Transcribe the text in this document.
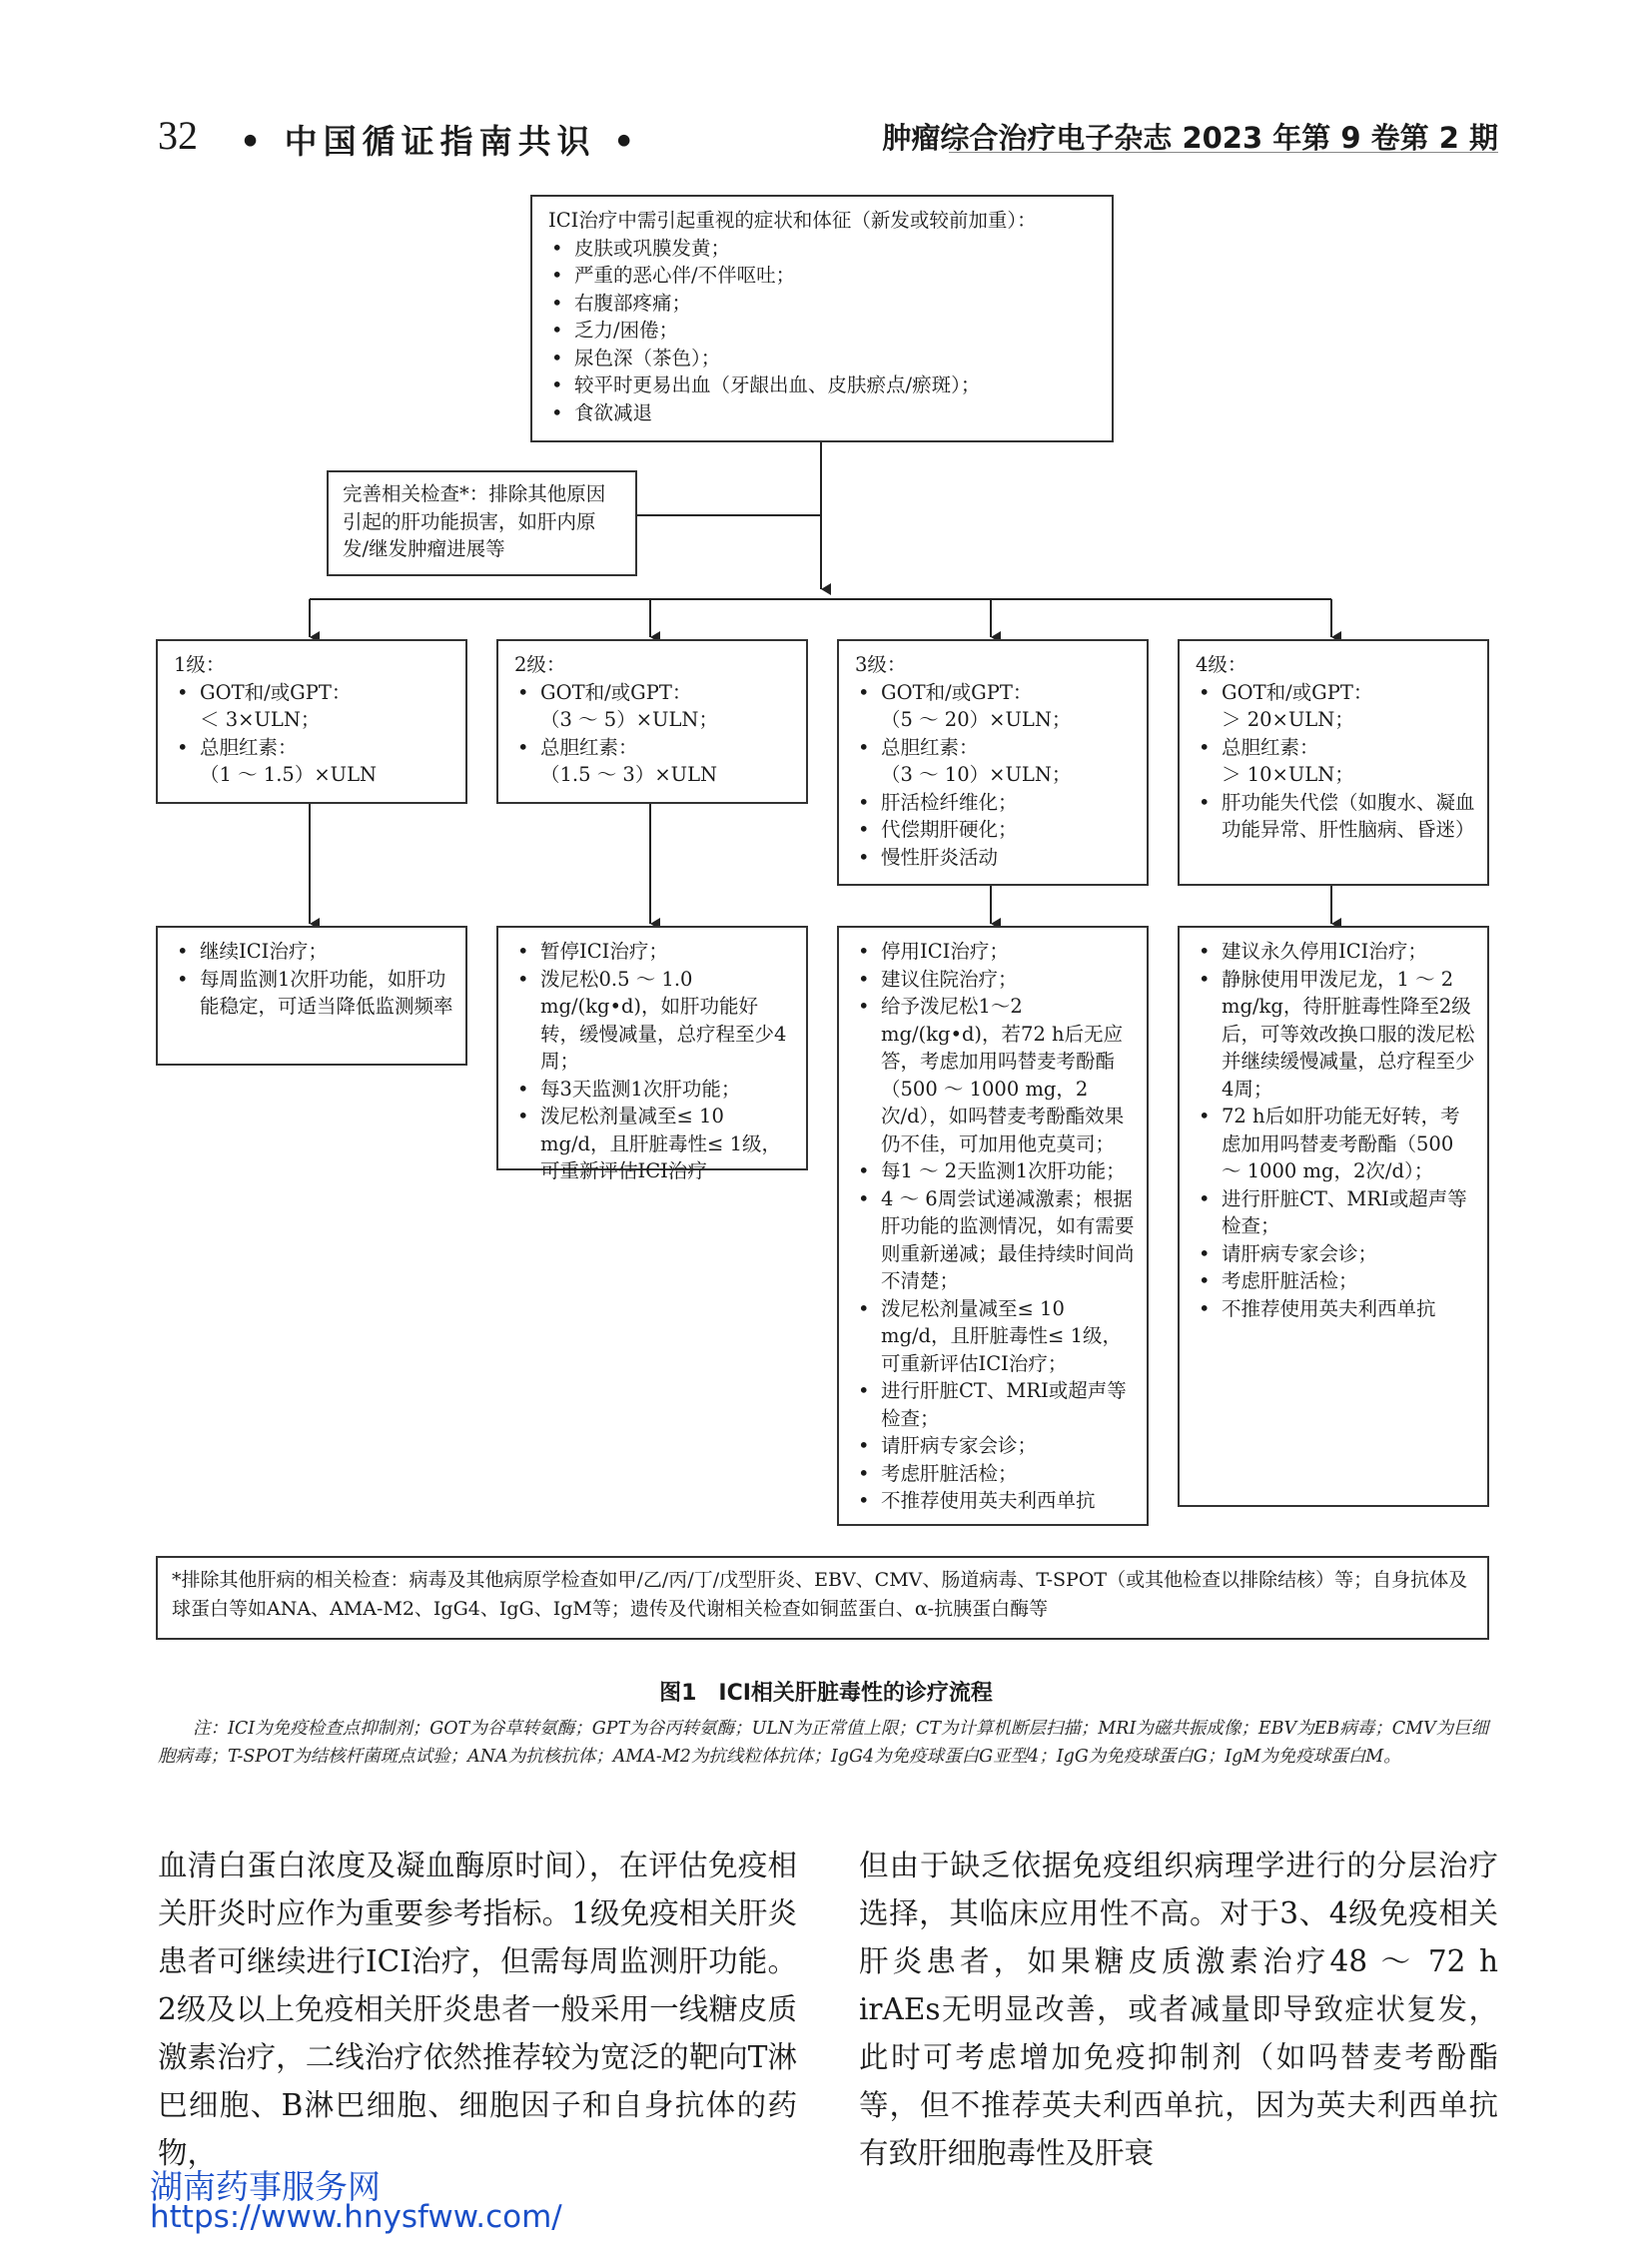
32 • 中国循证指南共识 •	肿瘤综合治疗电子杂志 2023 年第 9 卷第 2 期

ICI治疗中需引起重视的症状和体征（新发或较前加重）：

• 皮肤或巩膜发黄；
• 严重的恶心伴/不伴呕吐；
• 右腹部疼痛；
• 乏力/困倦；
• 尿色深（茶色）；
• 较平时更易出血（牙龈出血、皮肤瘀点/瘀斑）；
• 食欲减退

完善相关检查*：排除其他原因引起的肝功能损害，如肝内原发/继发肿瘤进展等

1级：

• GOT和/或GPT：
＜ 3×ULN；
• 总胆红素：
（1 ～ 1.5）×ULN

2级：

• GOT和/或GPT：
（3 ～ 5）×ULN；
• 总胆红素：
（1.5 ～ 3）×ULN

3级：

• GOT和/或GPT：
（5 ～ 20）×ULN；
• 总胆红素：
（3 ～ 10）×ULN；
• 肝活检纤维化；
• 代偿期肝硬化；
• 慢性肝炎活动

4级：

• GOT和/或GPT：
＞ 20×ULN；
• 总胆红素：
＞ 10×ULN；
• 肝功能失代偿（如腹水、凝血功能异常、肝性脑病、昏迷）
• 继续ICI治疗；
• 每周监测1次肝功能，如肝功能稳定，可适当降低监测频率
• 暂停ICI治疗；
• 泼尼松0.5 ～ 1.0 mg/(kg•d)，如肝功能好转，缓慢减量，总疗程至少4周；
• 每3天监测1次肝功能；
• 泼尼松剂量减至≤ 10 mg/d，且肝脏毒性≤ 1级，可重新评估ICI治疗
• 停用ICI治疗；
• 建议住院治疗；
• 给予泼尼松1～2 mg/(kg•d)，若72 h后无应答，考虑加用吗替麦考酚酯（500 ～ 1000 mg，2次/d），如吗替麦考酚酯效果仍不佳，可加用他克莫司；
• 每1 ～ 2天监测1次肝功能；
• 4 ～ 6周尝试递减激素；根据肝功能的监测情况，如有需要则重新递减；最佳持续时间尚不清楚；
• 泼尼松剂量减至≤ 10 mg/d，且肝脏毒性≤ 1级，可重新评估ICI治疗；
• 进行肝脏CT、MRI或超声等检查；
• 请肝病专家会诊；
• 考虑肝脏活检；
• 不推荐使用英夫利西单抗
• 建议永久停用ICI治疗；
• 静脉使用甲泼尼龙，1 ～ 2 mg/kg，待肝脏毒性降至2级后，可等效改换口服的泼尼松并继续缓慢减量，总疗程至少4周；
• 72 h后如肝功能无好转，考虑加用吗替麦考酚酯（500 ～ 1000 mg，2次/d）；
• 进行肝脏CT、MRI或超声等检查；
• 请肝病专家会诊；
• 考虑肝脏活检；
• 不推荐使用英夫利西单抗
*排除其他肝病的相关检查：病毒及其他病原学检查如甲/乙/丙/丁/戊型肝炎、EBV、CMV、肠道病毒、T-SPOT（或其他检查以排除结核）等；自身抗体及球蛋白等如ANA、AMA-M2、IgG4、IgG、IgM等；遗传及代谢相关检查如铜蓝蛋白、α-抗胰蛋白酶等
图1　ICI相关肝脏毒性的诊疗流程
注：ICI为免疫检查点抑制剂；GOT为谷草转氨酶；GPT为谷丙转氨酶；ULN为正常值上限；CT为计算机断层扫描；MRI为磁共振成像；EBV为EB病毒；CMV为巨细胞病毒；T-SPOT为结核杆菌斑点试验；ANA为抗核抗体；AMA-M2为抗线粒体抗体；IgG4为免疫球蛋白G亚型4；IgG为免疫球蛋白G；IgM为免疫球蛋白M。
血清白蛋白浓度及凝血酶原时间），在评估免疫相关肝炎时应作为重要参考指标。1级免疫相关肝炎患者可继续进行ICI治疗，但需每周监测肝功能。2级及以上免疫相关肝炎患者一般采用一线糖皮质激素治疗，二线治疗依然推荐较为宽泛的靶向T淋巴细胞、B淋巴细胞、细胞因子和自身抗体的药物，
但由于缺乏依据免疫组织病理学进行的分层治疗选择，其临床应用性不高。对于3、4级免疫相关肝炎患者，如果糖皮质激素治疗48 ～ 72 h irAEs无明显改善，或者减量即导致症状复发，此时可考虑增加免疫抑制剂（如吗替麦考酚酯等，但不推荐英夫利西单抗，因为英夫利西单抗有致肝细胞毒性及肝衰
湖南药事服务网
https://www.hnysfww.com/
